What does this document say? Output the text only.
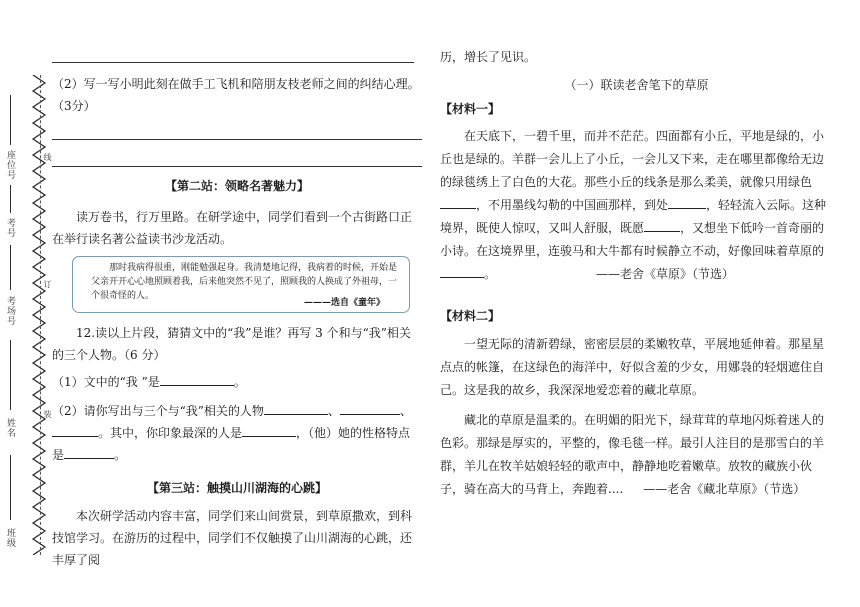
座位号
考号
考场号
姓名
班级
线
订
装

（2）写一写小明此刻在做手工飞机和陪朋友枝老师之间的纠结心理。（3分）

【第二站：领略名著魅力】

读万卷书，行万里路。在研学途中，同学们看到一个古街路口正在举行读名著公益读书沙龙活动。

那时我病得很重，刚能勉强起身。我清楚地记得，我病着的时候，开始是父亲开开心心地照顾着我，后来他突然不见了，照顾我的人换成了外祖母，一个很奇怪的人。
———选自《童年》

12.读以上片段，猜猜文中的“我”是谁？再写 3 个和与“我”相关的三个人物。（6 分）

（1）文中的“我 ”是	。

（2）请你写出与三个与“我”相关的人物	、	、。其中，你印象最深的人是	，（他）她的性格特点是	。

【第三站：触摸山川湖海的心跳】

本次研学活动内容丰富，同学们来山间赏景，到草原撒欢，到科技馆学习。在游历的过程中，同学们不仅触摸了山川湖海的心跳，还丰厚了阅

历，增长了见识。

（一）联读老舍笔下的草原
【材料一】

在天底下，一碧千里，而并不茫茫。四面都有小丘，平地是绿的，小丘也是绿的。羊群一会儿上了小丘，一会儿又下来，走在哪里都像给无边的绿毯绣上了白色的大花。那些小丘的线条是那么柔美，就像只用绿色，不用墨线勾勒的中国画那样，到处	，轻轻流入云际。这种境界，既使人惊叹，又叫人舒服，既愿	，又想坐下低吟一首奇丽的小诗。在这境界里，连骏马和大牛都有时候静立不动，好像回味着草原的。	——老舍《草原》（节选）

【材料二】

一望无际的清新碧绿，密密层层的柔嫩牧草，平展地延伸着。那星星点点的帐篷，在这绿色的海洋中，好似含羞的少女，用娜袅的轻烟遮住自己。这是我的故乡，我深深地爱恋着的藏北草原。

藏北的草原是温柔的。在明媚的阳光下，绿茸茸的草地闪烁着迷人的色彩。那绿是厚实的，平整的，像毛毯一样。最引人注目的是那雪白的羊群，羊儿在牧羊姑娘轻轻的歌声中，静静地吃着嫩草。放牧的藏族小伙子，骑在高大的马背上，奔跑着.... ——老舍《藏北草原》（节选）
